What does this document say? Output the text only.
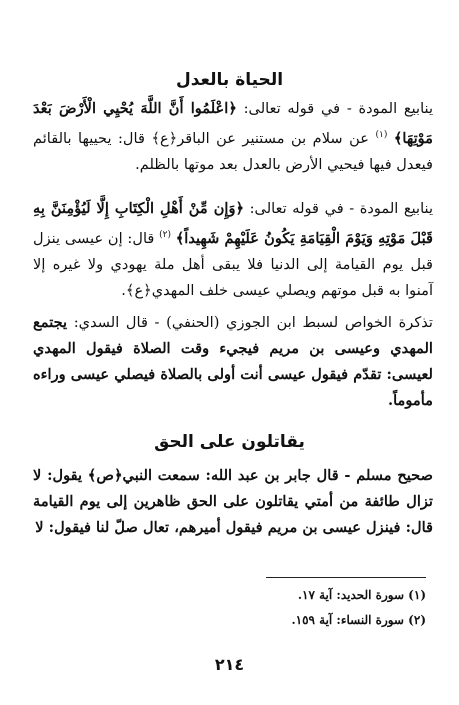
الحياة بالعدل

ينابيع المودة - في قوله تعالى: ﴿اعْلَمُوا أَنَّ اللَّهَ يُحْيِي الْأَرْضَ بَعْدَ مَوْتِهَا﴾ $^{(١)}$ عن سلام بن مستنير عن الباقر﴿ع﴾ قال: يحييها بالقائم فيعدل فيها فيحيي الأرض بالعدل بعد موتها بالظلم.

ينابيع المودة - في قوله تعالى: ﴿وَإِن مِّنْ أَهْلِ الْكِتَابِ إِلَّا لَيُؤْمِنَنَّ بِهِ قَبْلَ مَوْتِهِ وَيَوْمَ الْقِيَامَةِ يَكُونُ عَلَيْهِمْ شَهِيداً﴾ $^{(٢)}$ قال: إن عيسى ينزل قبل يوم القيامة إلى الدنيا فلا يبقى أهل ملة يهودي ولا غيره إلا آمنوا به قبل موتهم ويصلي عيسى خلف المهدي﴿ع﴾.

تذكرة الخواص لسبط ابن الجوزي (الحنفي) - قال السدي: يجتمع المهدي وعيسى بن مريم فيجيء وقت الصلاة فيقول المهدي لعيسى: تقدّم فيقول عيسى أنت أولى بالصلاة فيصلي عيسى وراءه مأموماً.

يقاتلون على الحق

صحيح مسلم - قال جابر بن عبد الله: سمعت النبي﴿ص﴾ يقول: لا تزال طائفة من أمتي يقاتلون على الحق ظاهرين إلى يوم القيامة قال: فينزل عيسى بن مريم فيقول أميرهم، تعال صلّ لنا فيقول: لا

(١) سورة الحديد: آية ١٧.
(٢) سورة النساء: آية ١٥٩.
٢١٤
